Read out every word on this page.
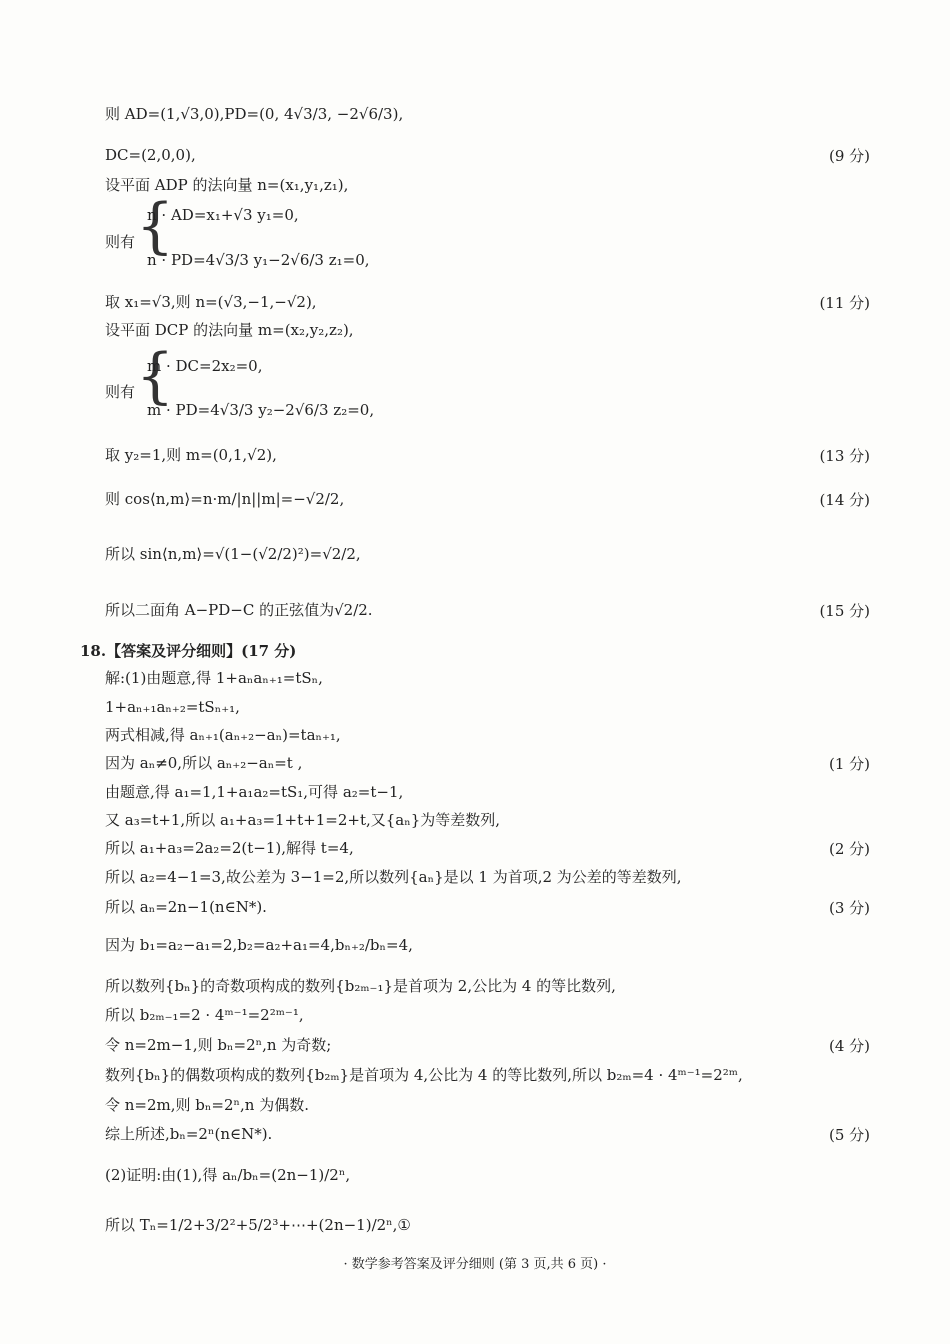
则 AD=(1,√3,0),PD=(0, 4√3/3, −2√6/3),
DC=(2,0,0),	(9 分)
设平面 ADP 的法向量 n=(x₁,y₁,z₁),
则有 {
n · AD=x₁+√3 y₁=0,
n · PD=4√3/3 y₁−2√6/3 z₁=0,
取 x₁=√3,则 n=(√3,−1,−√2),	(11 分)
设平面 DCP 的法向量 m=(x₂,y₂,z₂),
则有 {
m · DC=2x₂=0,
m · PD=4√3/3 y₂−2√6/3 z₂=0,
取 y₂=1,则 m=(0,1,√2),	(13 分)
则 cos⟨n,m⟩=n·m/|n||m|=−√2/2,	(14 分)
所以 sin⟨n,m⟩=√(1−(√2/2)²)=√2/2,
所以二面角 A−PD−C 的正弦值为√2/2.	(15 分)
18.【答案及评分细则】(17 分)
解:(1)由题意,得 1+aₙaₙ₊₁=tSₙ,
1+aₙ₊₁aₙ₊₂=tSₙ₊₁,
两式相减,得 aₙ₊₁(aₙ₊₂−aₙ)=taₙ₊₁,
因为 aₙ≠0,所以 aₙ₊₂−aₙ=t ,	(1 分)
由题意,得 a₁=1,1+a₁a₂=tS₁,可得 a₂=t−1,
又 a₃=t+1,所以 a₁+a₃=1+t+1=2+t,又{aₙ}为等差数列,
所以 a₁+a₃=2a₂=2(t−1),解得 t=4,	(2 分)
所以 a₂=4−1=3,故公差为 3−1=2,所以数列{aₙ}是以 1 为首项,2 为公差的等差数列,
所以 aₙ=2n−1(n∈N*).	(3 分)
因为 b₁=a₂−a₁=2,b₂=a₂+a₁=4,bₙ₊₂/bₙ=4,
所以数列{bₙ}的奇数项构成的数列{b₂ₘ₋₁}是首项为 2,公比为 4 的等比数列,
所以 b₂ₘ₋₁=2 · 4ᵐ⁻¹=2²ᵐ⁻¹,
令 n=2m−1,则 bₙ=2ⁿ,n 为奇数;	(4 分)
数列{bₙ}的偶数项构成的数列{b₂ₘ}是首项为 4,公比为 4 的等比数列,所以 b₂ₘ=4 · 4ᵐ⁻¹=2²ᵐ,
令 n=2m,则 bₙ=2ⁿ,n 为偶数.
综上所述,bₙ=2ⁿ(n∈N*).	(5 分)
(2)证明:由(1),得 aₙ/bₙ=(2n−1)/2ⁿ,
所以 Tₙ=1/2+3/2²+5/2³+⋯+(2n−1)/2ⁿ,①
· 数学参考答案及评分细则 (第 3 页,共 6 页) ·
